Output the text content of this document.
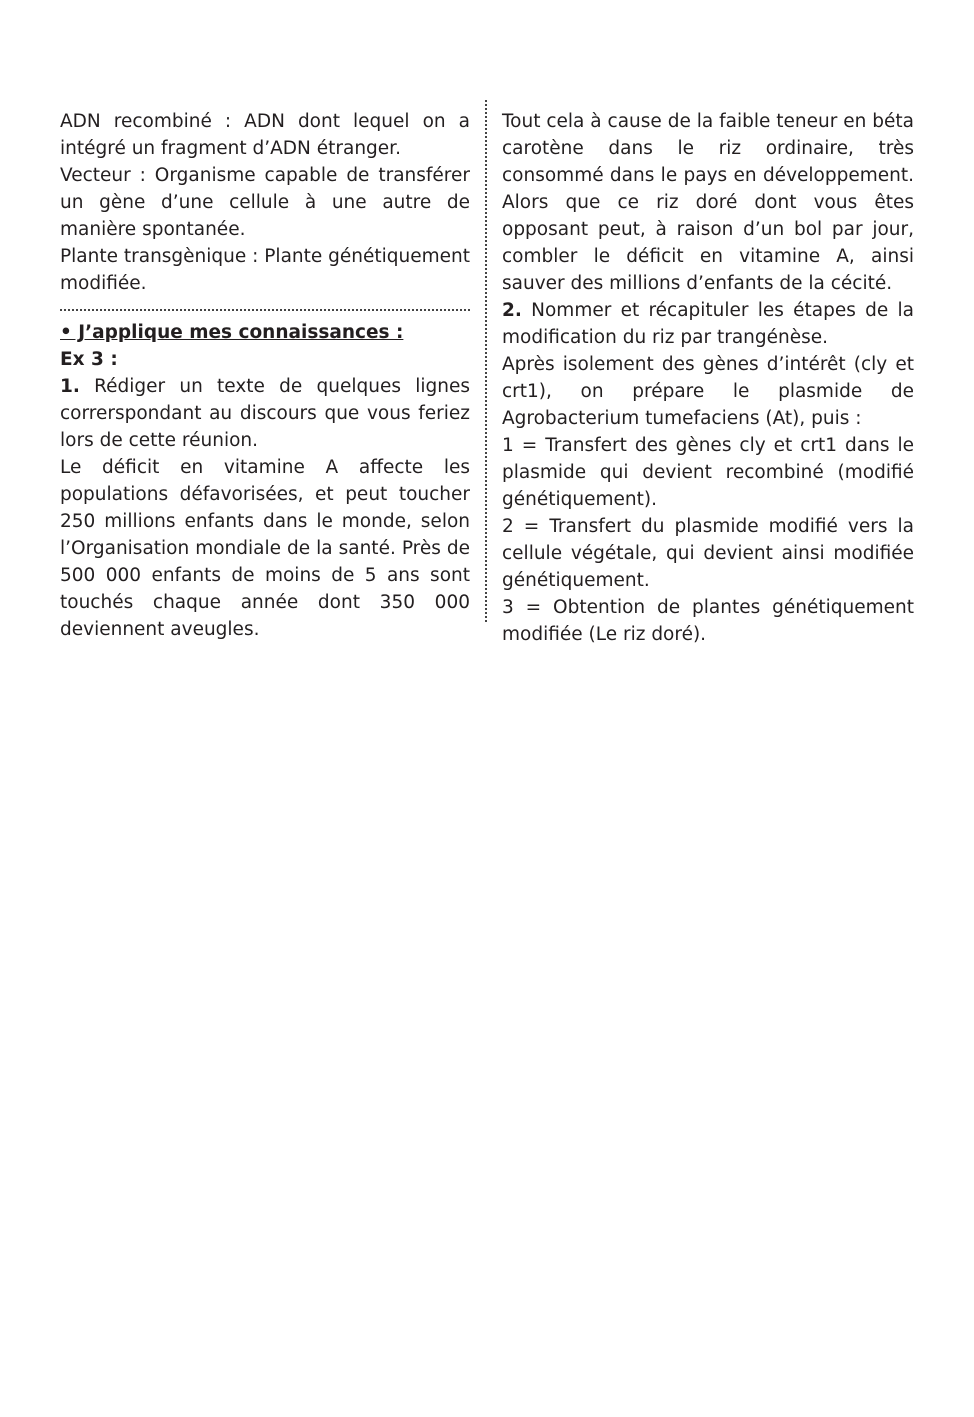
ADN recombiné : ADN dont lequel on a intégré un fragment d’ADN étranger.

Vecteur : Organisme capable de transférer un gène d’une cellule à une autre de manière spontanée.

Plante transgènique : Plante génétiquement modifiée.

• J’applique mes connaissances :

Ex 3 :

1. Rédiger un texte de quelques lignes correrspondant au discours que vous feriez lors de cette réunion.

Le déficit en vitamine A affecte les populations défavorisées, et peut toucher 250 millions enfants dans le monde, selon l’Organisation mondiale de la santé. Près de 500 000 enfants de moins de 5 ans sont touchés chaque année dont 350 000 deviennent aveugles.

Tout cela à cause de la faible teneur en béta carotène dans le riz ordinaire, très consommé dans le pays en développement. Alors que ce riz doré dont vous êtes opposant peut, à raison d’un bol par jour, combler le déficit en vitamine A, ainsi sauver des millions d’enfants de la cécité.

2. Nommer et récapituler les étapes de la modification du riz par trangénèse.

Après isolement des gènes d’intérêt (cly et crt1), on prépare le plasmide de Agrobacterium tumefaciens (At), puis :

1 = Transfert des gènes cly et crt1 dans le plasmide qui devient recombiné (modifié génétiquement).

2 = Transfert du plasmide modifié vers la cellule végétale, qui devient ainsi modifiée génétiquement.

3 = Obtention de plantes génétiquement modifiée (Le riz doré).
